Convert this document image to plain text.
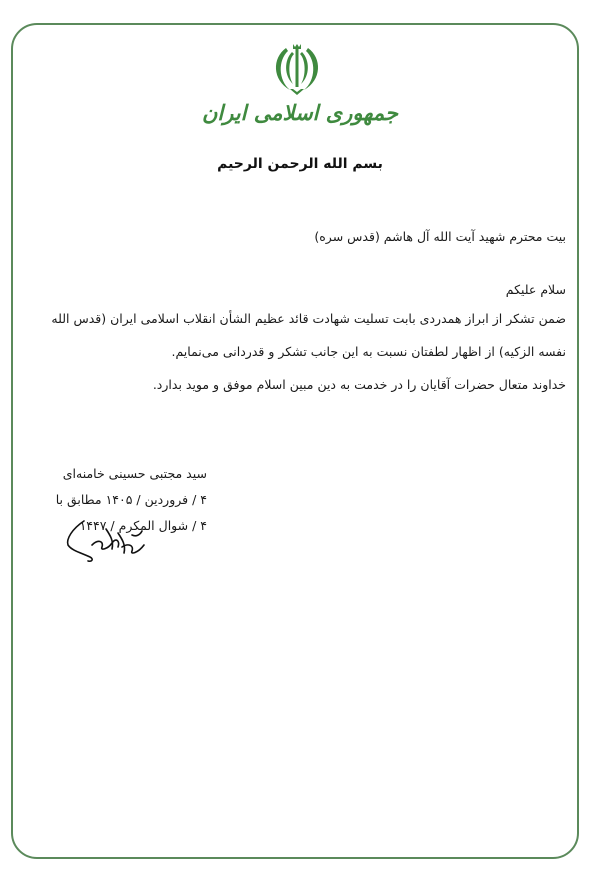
جمهوری اسلامی ایران
بسم الله الرحمن الرحیم
بیت محترم شهید آیت الله آل هاشم (قدس سره)
سلام علیکم
ضمن تشکر از ابراز همدردی بابت تسلیت شهادت قائد عظیم الشأن انقلاب اسلامی ایران (قدس الله
نفسه الزکیه) از اظهار لطفتان نسبت به این جانب تشکر و قدردانی می‌نمایم.
خداوند متعال حضرات آقایان را در خدمت به دین مبین اسلام موفق و موید بدارد.
سید مجتبی حسینی خامنه‌ای
۴ / فروردین / ۱۴۰۵ مطابق با
۴ / شوال المکرم / ۱۴۴۷
